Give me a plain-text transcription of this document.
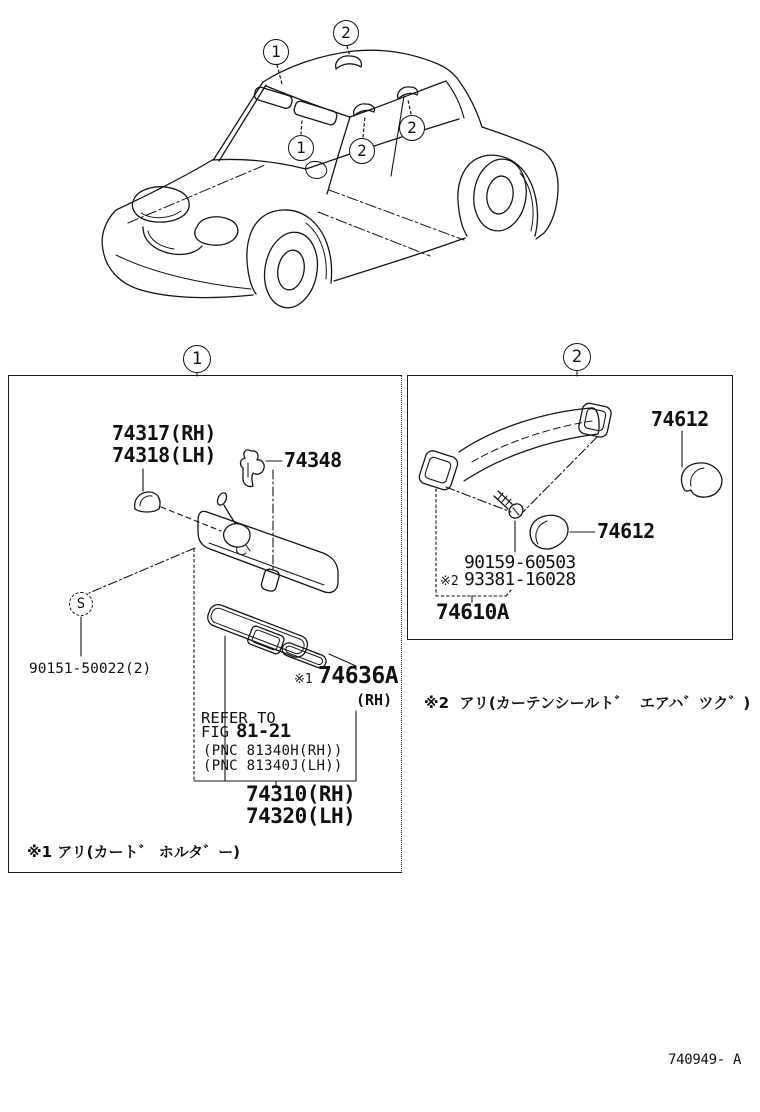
1
1
2
2
2
1	2
S
74317(RH)
74318(LH)	74348
90151-50022(2)
※1 74636A
(RH)
REFER TO
FIG 81-21
(PNC 81340H(RH))
(PNC 81340J(LH))
74310(RH)
74320(LH)
※1 アリ(カート゛ ホルタ゛ー)
74612
74612
90159-60503
※2 93381-16028
74610A
※2  アリ(カーテンシールト゛  エアハ゛ツク゛)
740949- A
